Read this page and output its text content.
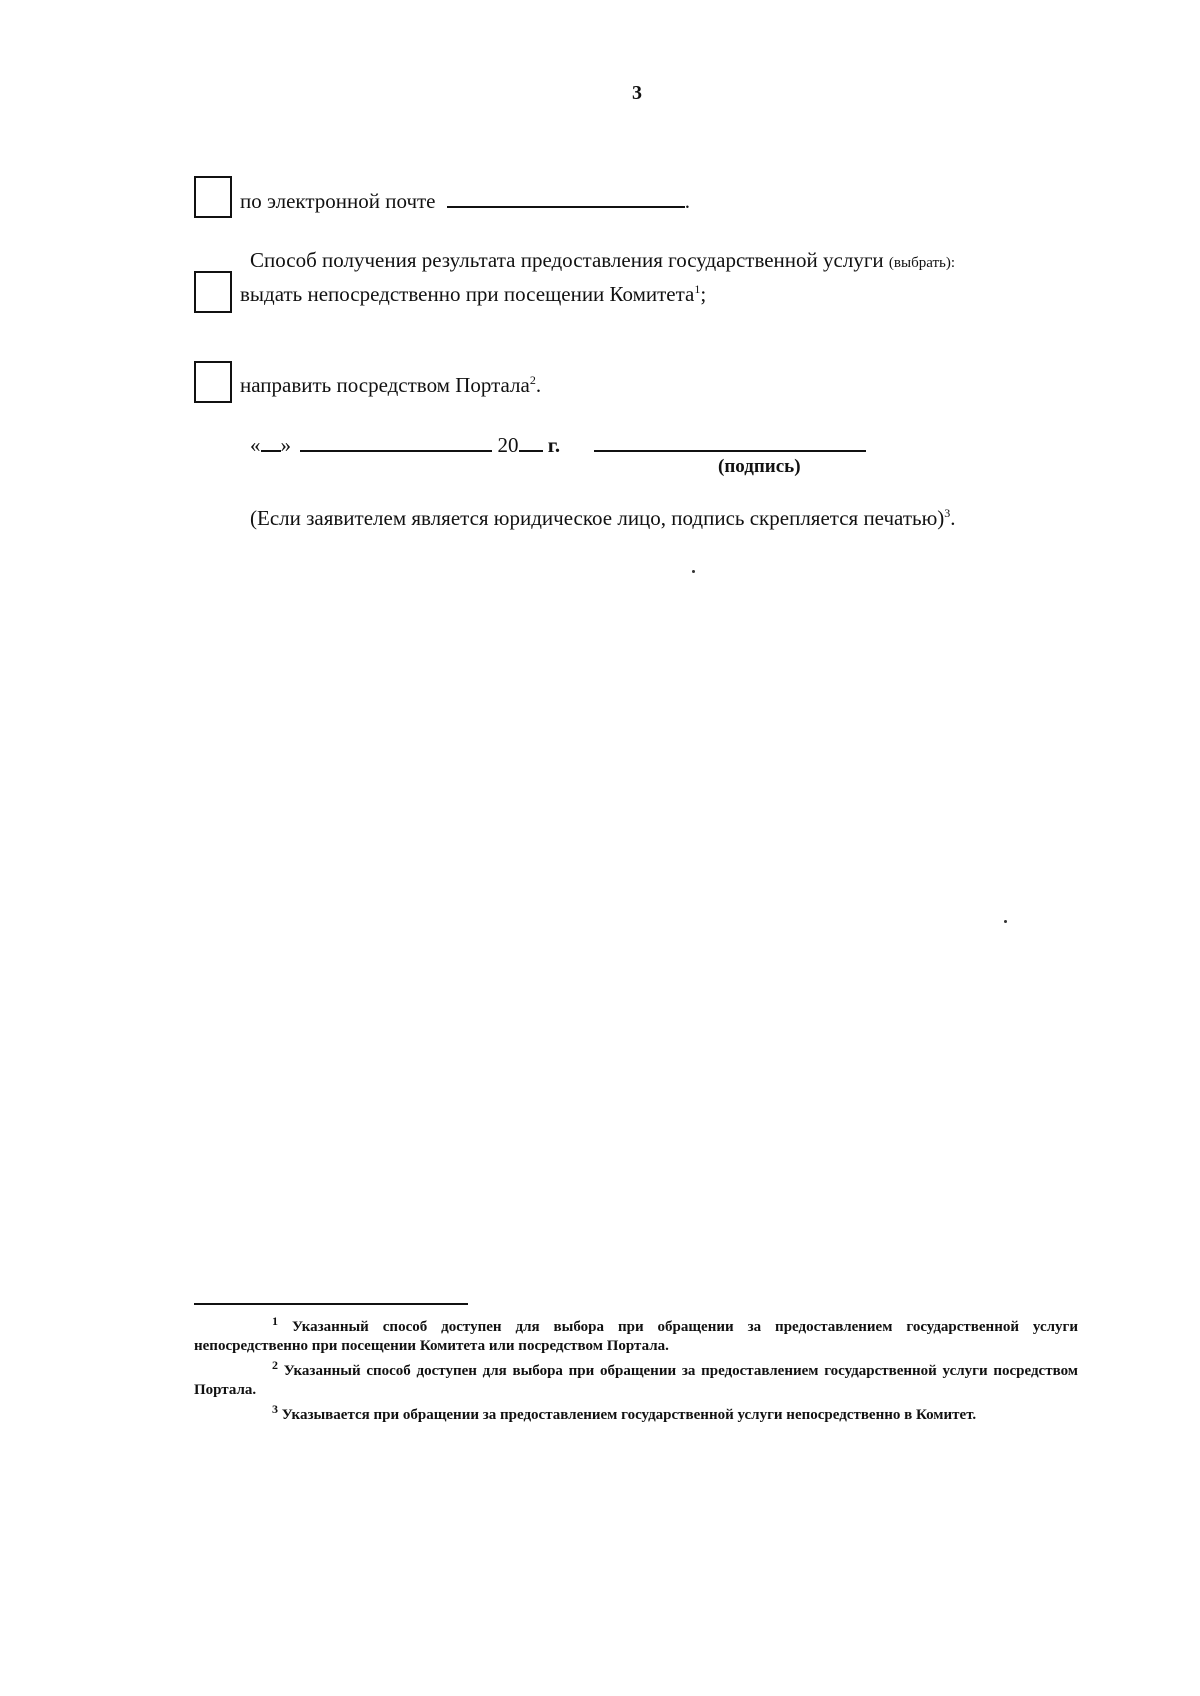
3
по электронной почте	.
Способ получения результата предоставления государственной услуги (выбрать):
выдать непосредственно при посещении Комитета$^1$;
направить посредством Портала$^2$.
« »	20 г.
(подпись)
(Если заявителем является юридическое лицо, подпись скрепляется печатью)$^3$.
$^1$ Указанный способ доступен для выбора при обращении за предоставлением государственной услуги непосредственно при посещении Комитета или посредством Портала.
$^2$ Указанный способ доступен для выбора при обращении за предоставлением государственной услуги посредством Портала.
$^3$ Указывается при обращении за предоставлением государственной услуги непосредственно в Комитет.
